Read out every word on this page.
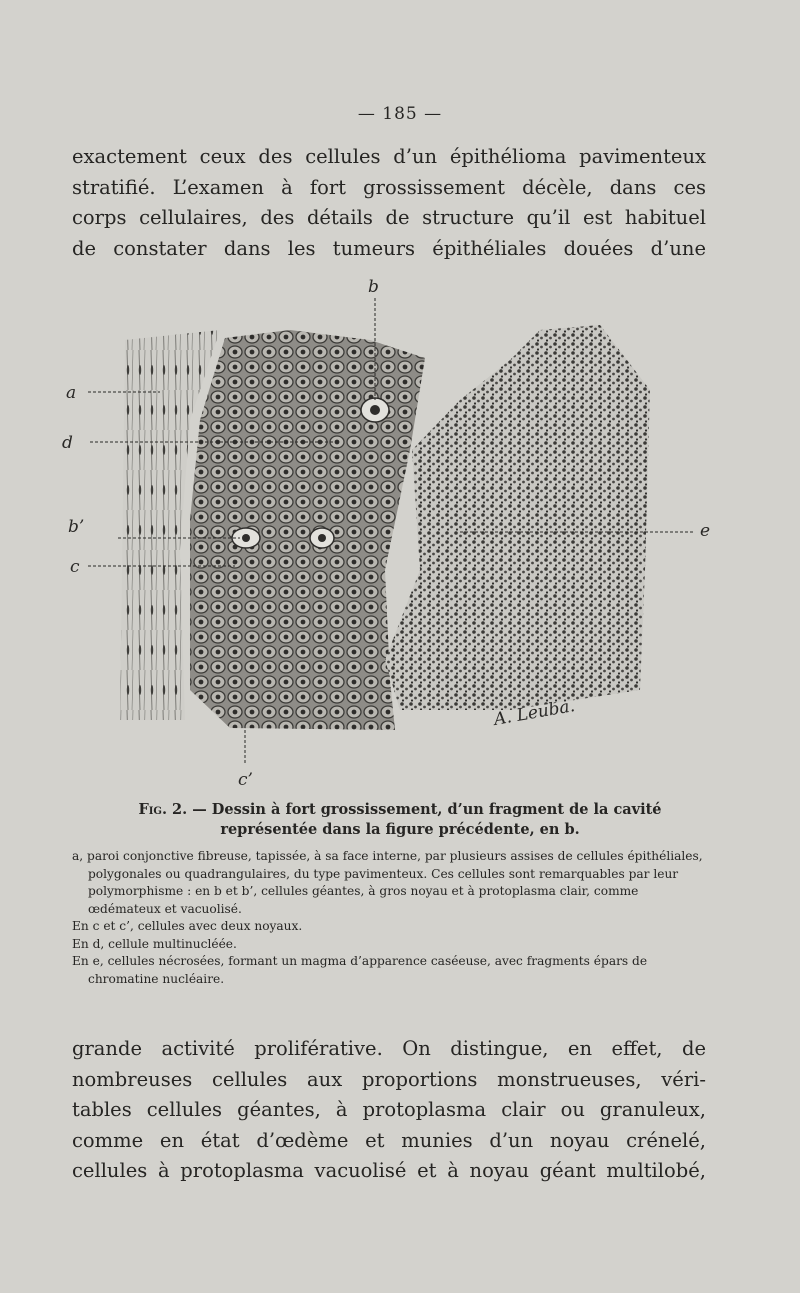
— 185 —
exactement ceux des cellules d’un épithélioma pavimenteux
stratifié. L’examen à fort grossissement décèle, dans ces
corps cellulaires, des détails de structure qu’il est habituel
de constater dans les tumeurs épithéliales douées d’une
a
d
b’
c
b
c’
e
A. Leuba.
Fig. 2. — Dessin à fort grossissement, d’un fragment de la cavité représentée dans la figure précédente, en b.

a, paroi conjonctive fibreuse, tapissée, à sa face interne, par plusieurs assises de cellules épithéliales, polygonales ou quadrangulaires, du type pavimenteux. Ces cellules sont remarquables par leur polymorphisme : en b et b’, cellules géantes, à gros noyau et à protoplasma clair, comme œdémateux et vacuolisé.

En c et c’, cellules avec deux noyaux.

En d, cellule multinucléée.

En e, cellules nécrosées, formant un magma d’apparence caséeuse, avec fragments épars de chromatine nucléaire.

grande activité proliférative. On distingue, en effet, de
nombreuses cellules aux proportions monstrueuses, véri-
tables cellules géantes, à protoplasma clair ou granuleux,
comme en état d’œdème et munies d’un noyau crénelé,
cellules à protoplasma vacuolisé et à noyau géant multilobé,
